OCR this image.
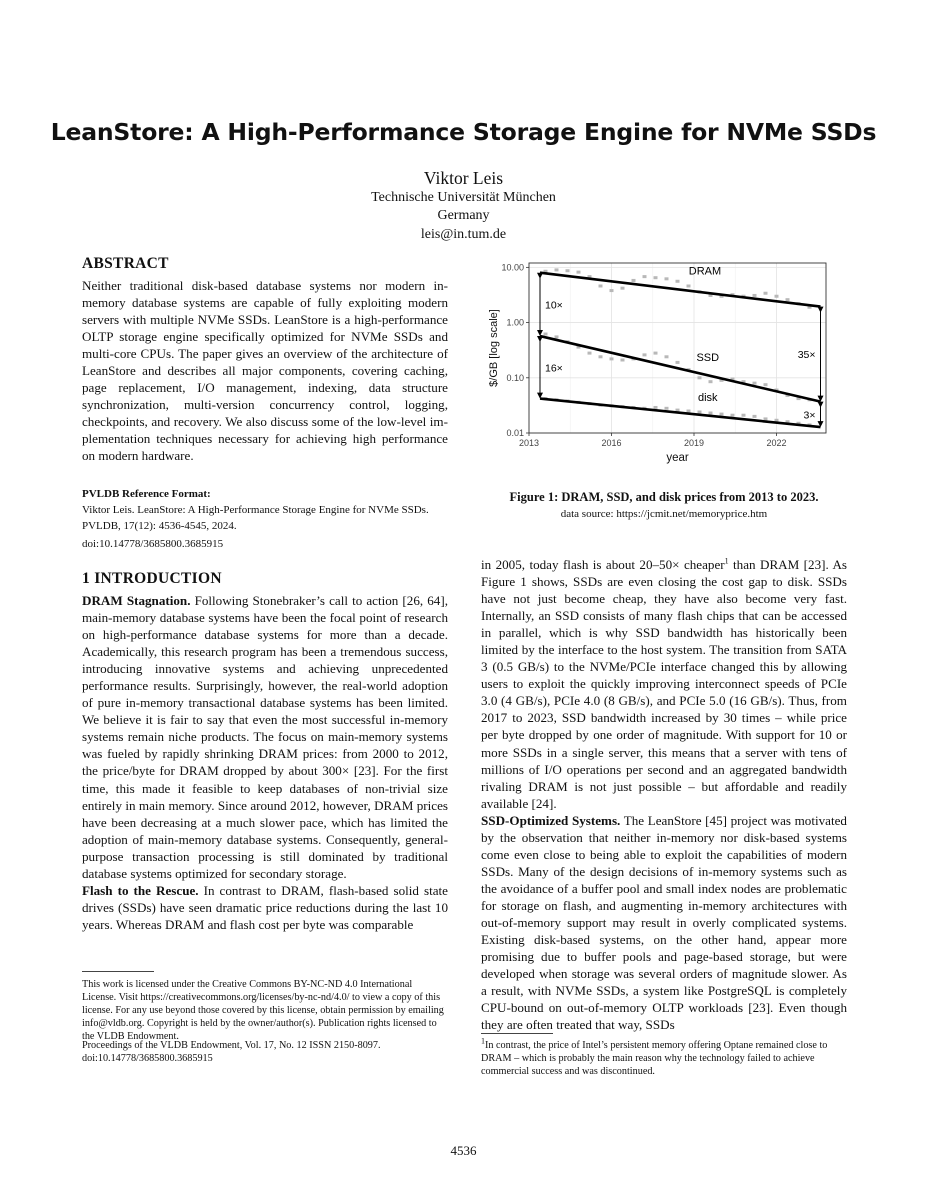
LeanStore: A High-Performance Storage Engine for NVMe SSDs
Viktor Leis
Technische Universität München
Germany
leis@in.tum.de
ABSTRACT
Neither traditional disk-based database systems nor modern in-memory database systems are capable of fully exploiting modern servers with multiple NVMe SSDs. LeanStore is a high-performance OLTP storage engine specifically optimized for NVMe SSDs and multi-core CPUs. The paper gives an overview of the architecture of LeanStore and describes all major components, covering caching, page replacement, I/O management, indexing, data structure synchronization, multi-version concurrency control, logging, checkpoints, and recovery. We also discuss some of the low-level implementation techniques necessary for achieving high performance on modern hardware.
PVLDB Reference Format:
Viktor Leis. LeanStore: A High-Performance Storage Engine for NVMe SSDs. PVLDB, 17(12): 4536-4545, 2024.
doi:10.14778/3685800.3685915
1 INTRODUCTION

DRAM Stagnation. Following Stonebraker’s call to action [26, 64], main-memory database systems have been the focal point of research on high-performance database systems for more than a decade. Academically, this research program has been a tremendous success, introducing innovative systems and achieving unprecedented performance results. Surprisingly, however, the real-world adoption of pure in-memory transactional database systems has been limited. We believe it is fair to say that even the most successful in-memory systems remain niche products. The focus on main-memory systems was fueled by rapidly shrinking DRAM prices: from 2000 to 2012, the price/byte for DRAM dropped by about 300× [23]. For the first time, this made it feasible to keep databases of non-trivial size entirely in main memory. Since around 2012, however, DRAM prices have been decreasing at a much slower pace, which has limited the adoption of main-memory database systems. Consequently, general-purpose transaction processing is still dominated by traditional database systems optimized for secondary storage.

Flash to the Rescue. In contrast to DRAM, flash-based solid state drives (SSDs) have seen dramatic price reductions during the last 10 years. Whereas DRAM and flash cost per byte was comparable

This work is licensed under the Creative Commons BY-NC-ND 4.0 International License. Visit https://creativecommons.org/licenses/by-nc-nd/4.0/ to view a copy of this license. For any use beyond those covered by this license, obtain permission by emailing info@vldb.org. Copyright is held by the owner/author(s). Publication rights licensed to the VLDB Endowment.
Proceedings of the VLDB Endowment, Vol. 17, No. 12 ISSN 2150-8097.
doi:10.14778/3685800.3685915
2013	2016	2019	2022
10.00
1.00
0.10
0.01
year
$/GB [log scale]
10×
16×
35×
3×
DRAM
SSD
disk
Figure 1: DRAM, SSD, and disk prices from 2013 to 2023.
data source: https://jcmit.net/memoryprice.htm

in 2005, today flash is about 20–50× cheaper$^1$ than DRAM [23]. As Figure 1 shows, SSDs are even closing the cost gap to disk. SSDs have not just become cheap, they have also become very fast. Internally, an SSD consists of many flash chips that can be accessed in parallel, which is why SSD bandwidth has historically been limited by the interface to the host system. The transition from SATA 3 (0.5 GB/s) to the NVMe/PCIe interface changed this by allowing users to exploit the quickly improving interconnect speeds of PCIe 3.0 (4 GB/s), PCIe 4.0 (8 GB/s), and PCIe 5.0 (16 GB/s). Thus, from 2017 to 2023, SSD bandwidth increased by 30 times – while price per byte dropped by one order of magnitude. With support for 10 or more SSDs in a single server, this means that a server with tens of millions of I/O operations per second and an aggregated bandwidth rivaling DRAM is not just possible – but affordable and readily available [24].

SSD-Optimized Systems. The LeanStore [45] project was motivated by the observation that neither in-memory nor disk-based systems come even close to being able to exploit the capabilities of modern SSDs. Many of the design decisions of in-memory systems such as the avoidance of a buffer pool and small index nodes are problematic for storage on flash, and augmenting in-memory architectures with out-of-memory support may result in overly complicated systems. Existing disk-based systems, on the other hand, appear more promising due to buffer pools and page-based storage, but were developed when storage was several orders of magnitude slower. As a result, with NVMe SSDs, a system like PostgreSQL is completely CPU-bound on out-of-memory OLTP workloads [23]. Even though they are often treated that way, SSDs

$^1$In contrast, the price of Intel’s persistent memory offering Optane remained close to DRAM – which is probably the main reason why the technology failed to achieve commercial success and was discontinued.
4536
